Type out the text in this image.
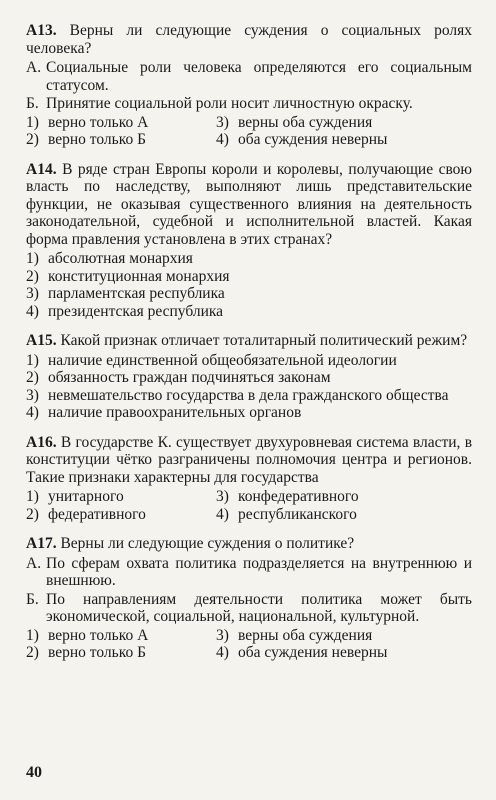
А13. Верны ли следующие суждения о социальных ролях человека?
А. Социальные роли человека определяются его социальным статусом.
Б. Принятие социальной роли носит личностную окраску.
1) верно только А	3) верны оба суждения
2) верно только Б	4) оба суждения неверны
А14. В ряде стран Европы короли и королевы, получающие свою власть по наследству, выполняют лишь представительские функции, не оказывая существенного влияния на деятельность законодательной, судебной и исполнительной властей. Какая форма правления установлена в этих странах?
1) абсолютная монархия
2) конституционная монархия
3) парламентская республика
4) президентская республика
А15. Какой признак отличает тоталитарный политический режим?
1) наличие единственной общеобязательной идеологии
2) обязанность граждан подчиняться законам
3) невмешательство государства в дела гражданского общества
4) наличие правоохранительных органов
А16. В государстве К. существует двухуровневая система власти, в конституции чётко разграничены полномочия центра и регионов. Такие признаки характерны для государства
1) унитарного	3) конфедеративного
2) федеративного	4) республиканского
А17. Верны ли следующие суждения о политике?
А. По сферам охвата политика подразделяется на внутреннюю и внешнюю.
Б. По направлениям деятельности политика может быть экономической, социальной, национальной, культурной.
1) верно только А	3) верны оба суждения
2) верно только Б	4) оба суждения неверны
40
